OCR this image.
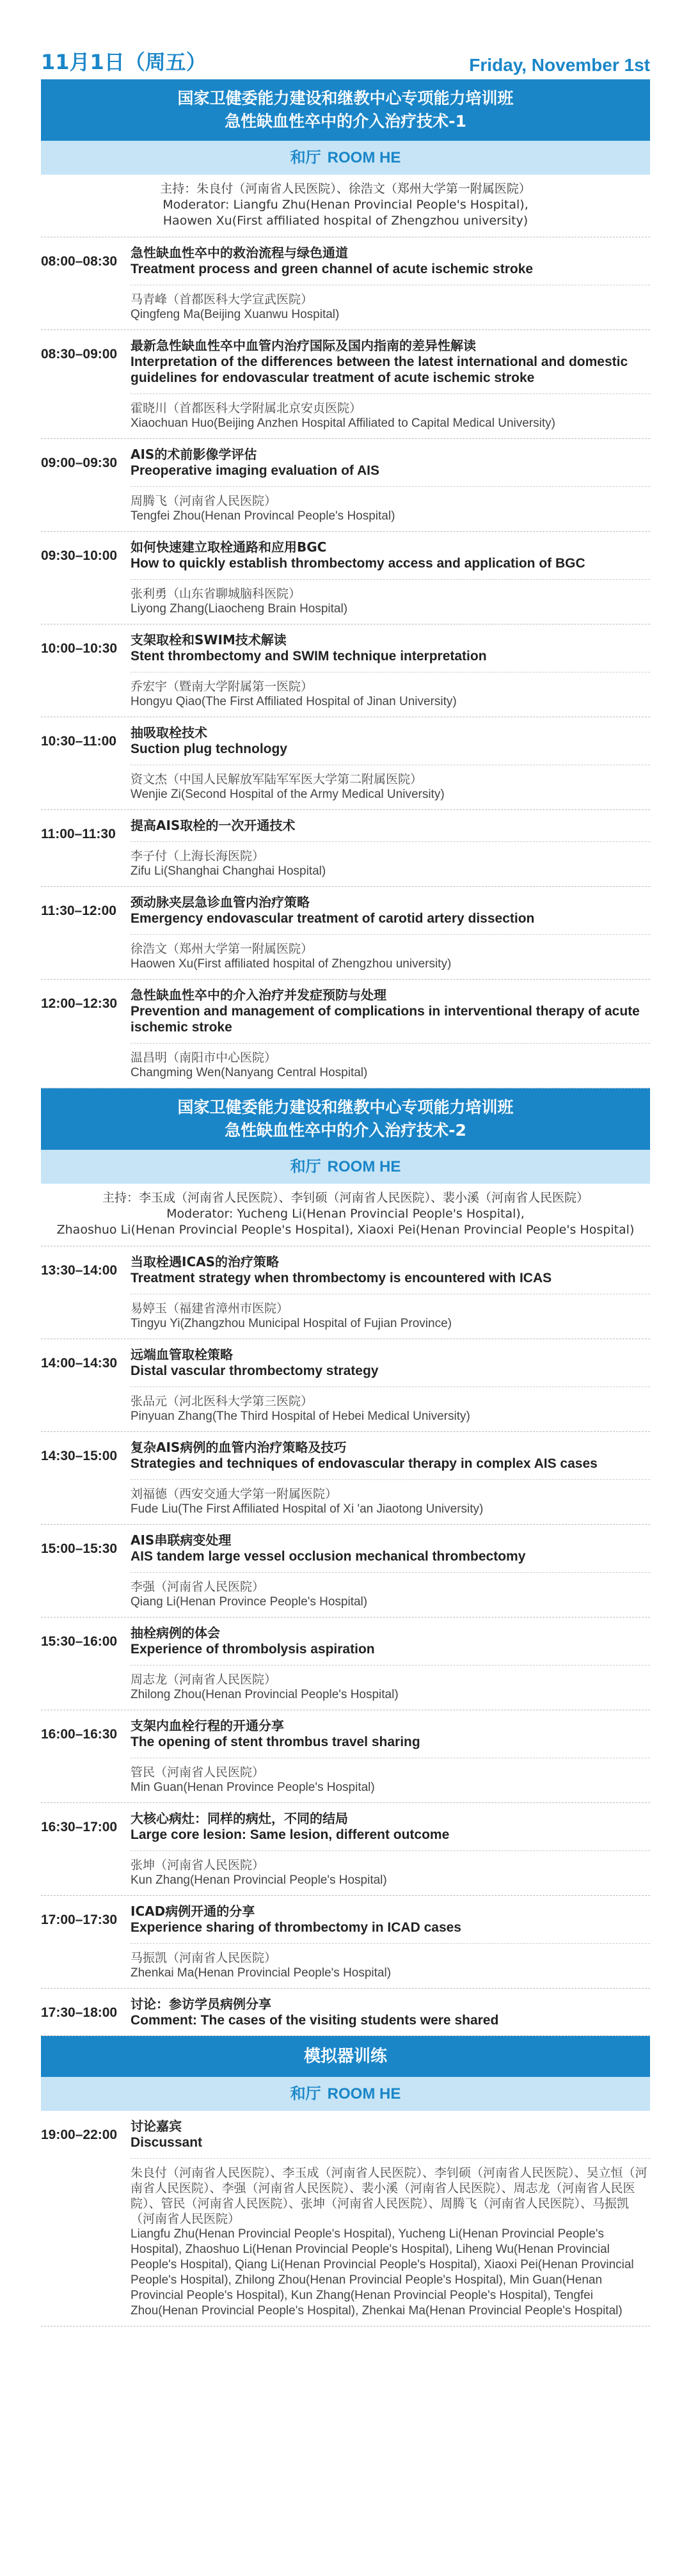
11月1日（周五）	Friday, November 1st
国家卫健委能力建设和继教中心专项能力培训班
急性缺血性卒中的介入治疗技术-1
和厅 ROOM HE
主持：朱良付（河南省人民医院）、徐浩文（郑州大学第一附属医院）
Moderator: Liangfu Zhu(Henan Provincial People's Hospital),
Haowen Xu(First affiliated hospital of Zhengzhou university)
08:00–08:30
急性缺血性卒中的救治流程与绿色通道
Treatment process and green channel of acute ischemic stroke
马青峰（首都医科大学宣武医院）
Qingfeng Ma(Beijing Xuanwu Hospital)
08:30–09:00
最新急性缺血性卒中血管内治疗国际及国内指南的差异性解读
Interpretation of the differences between the latest international and domestic guidelines for endovascular treatment of acute ischemic stroke
霍晓川（首都医科大学附属北京安贞医院）
Xiaochuan Huo(Beijing Anzhen Hospital Affiliated to Capital Medical University)
09:00–09:30
AIS的术前影像学评估
Preoperative imaging evaluation of AIS
周腾飞（河南省人民医院）
Tengfei Zhou(Henan Provincal People's Hospital)
09:30–10:00
如何快速建立取栓通路和应用BGC
How to quickly establish thrombectomy access and application of BGC
张利勇（山东省聊城脑科医院）
Liyong Zhang(Liaocheng Brain Hospital)
10:00–10:30
支架取栓和SWIM技术解读
Stent thrombectomy and SWIM technique interpretation
乔宏宇（暨南大学附属第一医院）
Hongyu Qiao(The First Affiliated Hospital of Jinan University)
10:30–11:00
抽吸取栓技术
Suction plug technology
资文杰（中国人民解放军陆军军医大学第二附属医院）
Wenjie Zi(Second Hospital of the Army Medical University)
11:00–11:30
提高AIS取栓的一次开通技术
李子付（上海长海医院）
Zifu Li(Shanghai Changhai Hospital)
11:30–12:00
颈动脉夹层急诊血管内治疗策略
Emergency endovascular treatment of carotid artery dissection
徐浩文（郑州大学第一附属医院）
Haowen Xu(First affiliated hospital of Zhengzhou university)
12:00–12:30
急性缺血性卒中的介入治疗并发症预防与处理
Prevention and management of complications in interventional therapy of acute ischemic stroke
温昌明（南阳市中心医院）
Changming Wen(Nanyang Central Hospital)
国家卫健委能力建设和继教中心专项能力培训班
急性缺血性卒中的介入治疗技术-2
和厅 ROOM HE
主持：李玉成（河南省人民医院）、李钊硕（河南省人民医院）、裴小溪（河南省人民医院）
Moderator: Yucheng Li(Henan Provincial People's Hospital),
Zhaoshuo Li(Henan Provincial People's Hospital), Xiaoxi Pei(Henan Provincial People's Hospital)
13:30–14:00
当取栓遇ICAS的治疗策略
Treatment strategy when thrombectomy is encountered with ICAS
易婷玉（福建省漳州市医院）
Tingyu Yi(Zhangzhou Municipal Hospital of Fujian Province)
14:00–14:30
远端血管取栓策略
Distal vascular thrombectomy strategy
张品元（河北医科大学第三医院）
Pinyuan Zhang(The Third Hospital of Hebei Medical University)
14:30–15:00
复杂AIS病例的血管内治疗策略及技巧
Strategies and techniques of endovascular therapy in complex AIS cases
刘福德（西安交通大学第一附属医院）
Fude Liu(The First Affiliated Hospital of Xi 'an Jiaotong University)
15:00–15:30
AIS串联病变处理
AIS tandem large vessel occlusion mechanical thrombectomy
李强（河南省人民医院）
Qiang Li(Henan Province People's Hospital)
15:30–16:00
抽栓病例的体会
Experience of thrombolysis aspiration
周志龙（河南省人民医院）
Zhilong Zhou(Henan Provincial People's Hospital)
16:00–16:30
支架内血栓行程的开通分享
The opening of stent thrombus travel sharing
管民（河南省人民医院）
Min Guan(Henan Province People's Hospital)
16:30–17:00
大核心病灶：同样的病灶，不同的结局
Large core lesion: Same lesion, different outcome
张坤（河南省人民医院）
Kun Zhang(Henan Provincial People's Hospital)
17:00–17:30
ICAD病例开通的分享
Experience sharing of thrombectomy in ICAD cases
马振凯（河南省人民医院）
Zhenkai Ma(Henan Provincial People's Hospital)
17:30–18:00
讨论：参访学员病例分享
Comment: The cases of the visiting students were shared
模拟器训练
和厅 ROOM HE
19:00–22:00
讨论嘉宾
Discussant
朱良付（河南省人民医院）、李玉成（河南省人民医院）、李钊硕（河南省人民医院）、吴立恒（河南省人民医院）、李强（河南省人民医院）、裴小溪（河南省人民医院）、周志龙（河南省人民医院）、管民（河南省人民医院）、张坤（河南省人民医院）、周腾飞（河南省人民医院）、马振凯（河南省人民医院）
Liangfu Zhu(Henan Provincial People's Hospital), Yucheng Li(Henan Provincial People's Hospital), Zhaoshuo Li(Henan Provincial People's Hospital), Liheng Wu(Henan Provincial People's Hospital), Qiang Li(Henan Provincial People's Hospital), Xiaoxi Pei(Henan Provincial People's Hospital), Zhilong Zhou(Henan Provincial People's Hospital), Min Guan(Henan Provincial People's Hospital), Kun Zhang(Henan Provincial People's Hospital), Tengfei Zhou(Henan Provincial People's Hospital), Zhenkai Ma(Henan Provincial People's Hospital)
